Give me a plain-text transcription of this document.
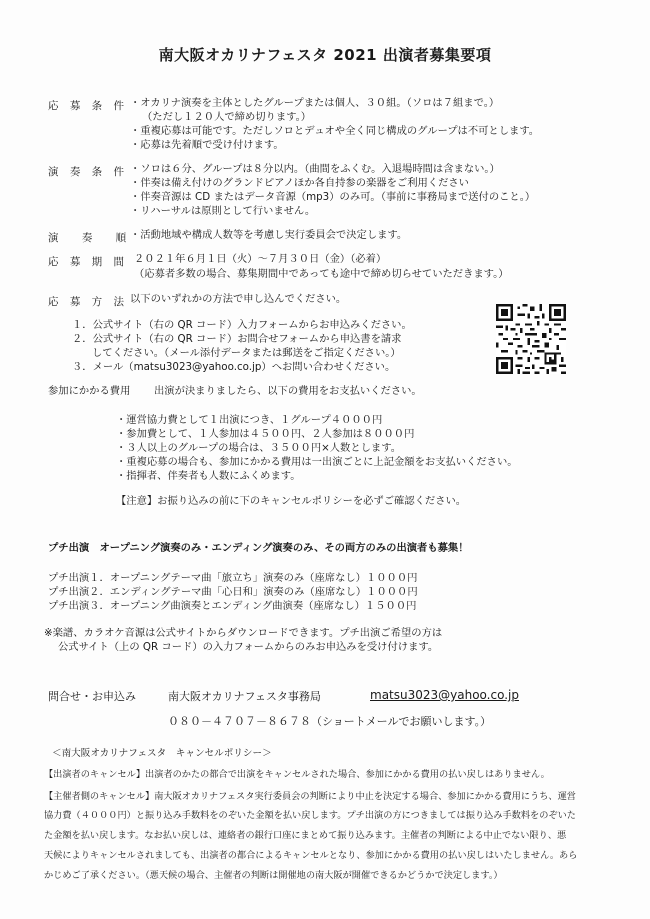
南大阪オカリナフェスタ 2021 出演者募集要項
応 募 条 件 ・オカリナ演奏を主体としたグループまたは個人、３０組。（ソロは７組まで。）
（ただし１２０人で締め切ります。）
・重複応募は可能です。ただしソロとデュオや全く同じ構成のグループは不可とします。
・応募は先着順で受け付けます。
演 奏 条 件 ・ソロは６分、グループは８分以内。（曲間をふくむ。入退場時間は含まない。）
・伴奏は備え付けのグランドピアノほか各自持参の楽器をご利用ください
・伴奏音源は CD またはデータ音源（mp3）のみ可。（事前に事務局まで送付のこと。）
・リハーサルは原則として行いません。
演 奏 順
・活動地域や構成人数等を考慮し実行委員会で決定します。
応 募 期 間 ２０２１年６月１日（火）～７月３０日（金）（必着）
（応募者多数の場合、募集期間中であっても途中で締め切らせていただきます。）
応 募 方 法 以下のいずれかの方法で申し込んでください。
１．公式サイト（右の QR コード）入力フォームからお申込みください。
２．公式サイト（右の QR コード）お問合せフォームから申込書を請求
してください。（メール添付データまたは郵送をご指定ください。）
３．メール（matsu3023@yahoo.co.jp）へお問い合わせください。
参加にかかる費用 出演が決まりましたら、以下の費用をお支払いください。
・運営協力費として１出演につき、１グループ４０００円
・参加費として、１人参加は４５００円、２人参加は８０００円
・３人以上のグループの場合は、３５００円×人数とします。
・重複応募の場合も、参加にかかる費用は一出演ごとに上記金額をお支払いください。
・指揮者、伴奏者も人数にふくめます。
【注意】お振り込みの前に下のキャンセルポリシーを必ずご確認ください。
プチ出演　オープニング演奏のみ・エンディング演奏のみ、その両方のみの出演者も募集！
プチ出演１．オープニングテーマ曲「旅立ち」演奏のみ（座席なし）１０００円
プチ出演２．エンディングテーマ曲「心日和」演奏のみ（座席なし）１０００円
プチ出演３．オープニング曲演奏とエンディング曲演奏（座席なし）１５００円
※楽譜、カラオケ音源は公式サイトからダウンロードできます。プチ出演ご希望の方は
公式サイト（上の QR コード）の入力フォームからのみお申込みを受け付けます。
問合せ・お申込み	南大阪オカリナフェスタ事務局	matsu3023@yahoo.co.jp
０８０－４７０７－８６７８（ショートメールでお願いします。）
＜南大阪オカリナフェスタ　キャンセルポリシー＞
【出演者のキャンセル】出演者のかたの都合で出演をキャンセルされた場合、参加にかかる費用の払い戻しはありません。
【主催者側のキャンセル】南大阪オカリナフェスタ実行委員会の判断により中止を決定する場合、参加にかかる費用にうち、運営
協力費（４０００円）と振り込み手数料をのぞいた金額を払い戻します。プチ出演の方につきましては振り込み手数料をのぞいた
た金額を払い戻します。なお払い戻しは、連絡者の銀行口座にまとめて振り込みます。主催者の判断による中止でない限り、悪
天候によりキャンセルされましても、出演者の都合によるキャンセルとなり、参加にかかる費用の払い戻しはいたしません。あら
かじめご了承ください。（悪天候の場合、主催者の判断は開催地の南大阪が開催できるかどうかで決定します。）
